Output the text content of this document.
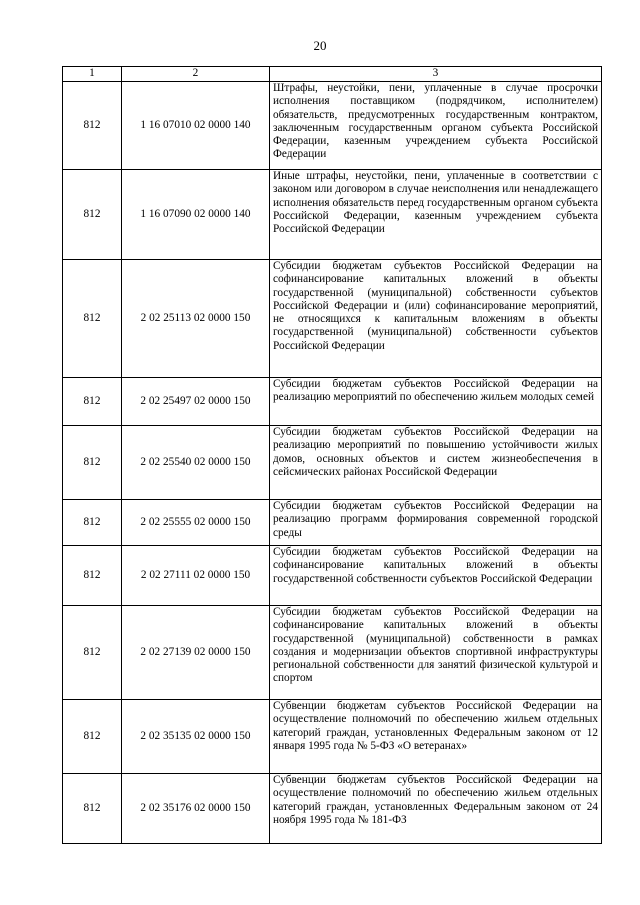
20
1	2	3
812	1 16 07010 02 0000 140	Штрафы, неустойки, пени, уплаченные в случае просрочки исполнения поставщиком (подрядчиком, исполнителем) обязательств, предусмотренных государственным контрактом, заключенным государственным органом субъекта Российской Федерации, казенным учреждением субъекта Российской Федерации
812	1 16 07090 02 0000 140	Иные штрафы, неустойки, пени, уплаченные в соответствии с законом или договором в случае неисполнения или ненадлежащего исполнения обязательств перед государственным органом субъекта Российской Федерации, казенным учреждением субъекта Российской Федерации
812	2 02 25113 02 0000 150	Субсидии бюджетам субъектов Российской Федерации на софинансирование капитальных вложений в объекты государственной (муниципальной) собственности субъектов Российской Федерации и (или) софинансирование мероприятий, не относящихся к капитальным вложениям в объекты государственной (муниципальной) собственности субъектов Российской Федерации
812	2 02 25497 02 0000 150	Субсидии бюджетам субъектов Российской Федерации на реализацию мероприятий по обеспечению жильем молодых семей
812	2 02 25540 02 0000 150	Субсидии бюджетам субъектов Российской Федерации на реализацию мероприятий по повышению устойчивости жилых домов, основных объектов и систем жизнеобеспечения в сейсмических районах Российской Федерации
812	2 02 25555 02 0000 150	Субсидии бюджетам субъектов Российской Федерации на реализацию программ формирования современной городской среды
812	2 02 27111 02 0000 150	Субсидии бюджетам субъектов Российской Федерации на софинансирование капитальных вложений в объекты государственной собственности субъектов Российской Федерации
812	2 02 27139 02 0000 150	Субсидии бюджетам субъектов Российской Федерации на софинансирование капитальных вложений в объекты государственной (муниципальной) собственности в рамках создания и модернизации объектов спортивной инфраструктуры региональной собственности для занятий физической культурой и спортом
812	2 02 35135 02 0000 150	Субвенции бюджетам субъектов Российской Федерации на осуществление полномочий по обеспечению жильем отдельных категорий граждан, установленных Федеральным законом от 12 января 1995 года № 5-ФЗ «О ветеранах»
812	2 02 35176 02 0000 150	Субвенции бюджетам субъектов Российской Федерации на осуществление полномочий по обеспечению жильем отдельных категорий граждан, установленных Федеральным законом от 24 ноября 1995 года № 181-ФЗ
